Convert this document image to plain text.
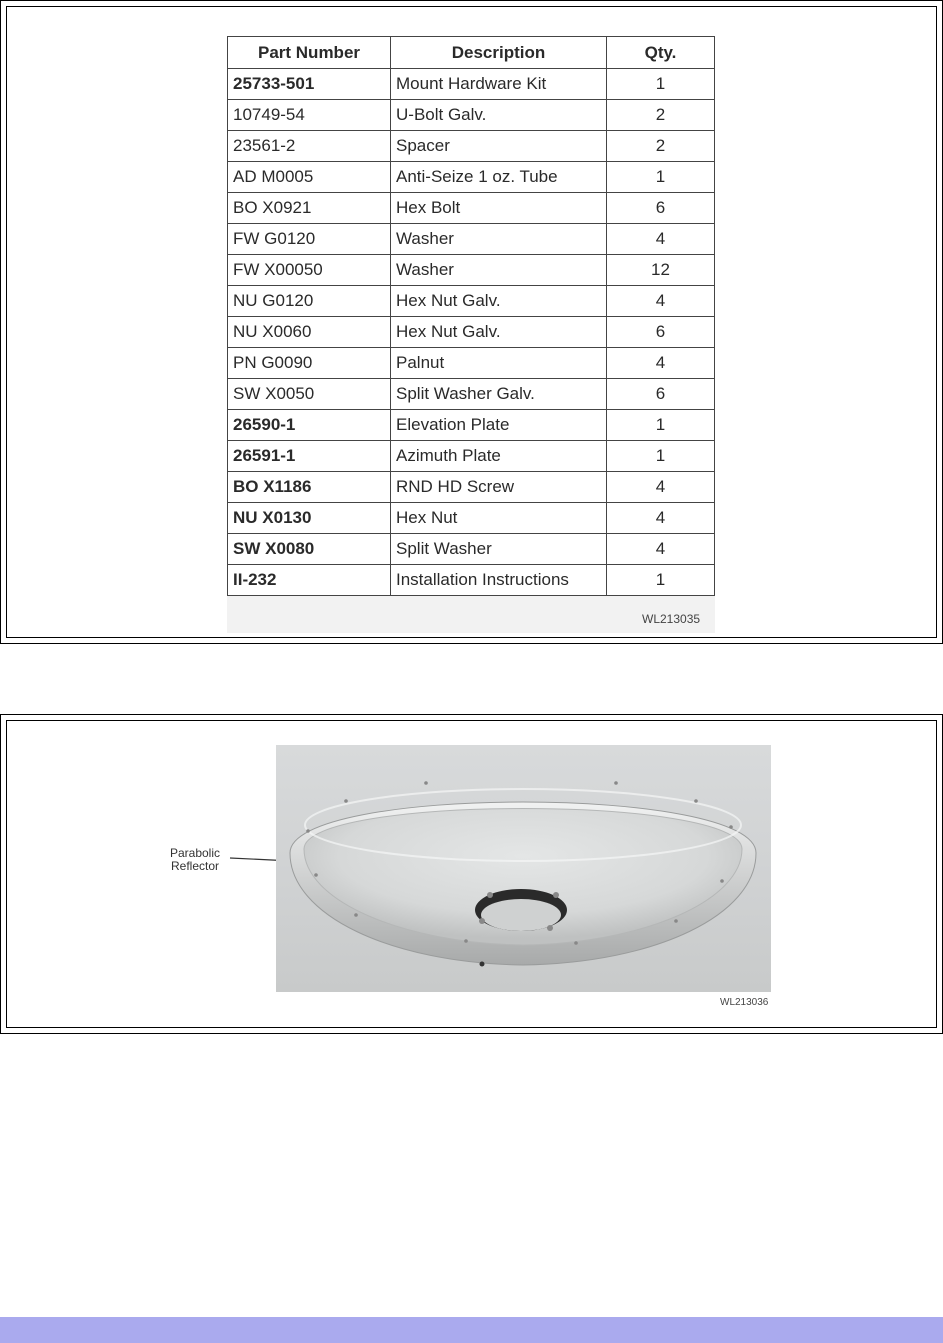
Part Number	Description	Qty.
25733-501	Mount Hardware Kit	1
10749-54	U-Bolt Galv.	2
23561-2	Spacer	2
AD M0005	Anti-Seize 1 oz. Tube	1
BO X0921	Hex Bolt	6
FW G0120	Washer	4
FW X00050	Washer	12
NU G0120	Hex Nut Galv.	4
NU X0060	Hex Nut Galv.	6
PN G0090	Palnut	4
SW X0050	Split Washer Galv.	6
26590-1	Elevation Plate	1
26591-1	Azimuth Plate	1
BO X1186	RND HD Screw	4
NU X0130	Hex Nut	4
SW X0080	Split Washer	4
II-232	Installation Instructions	1
WL213035
Parabolic
Reflector
WL213036
